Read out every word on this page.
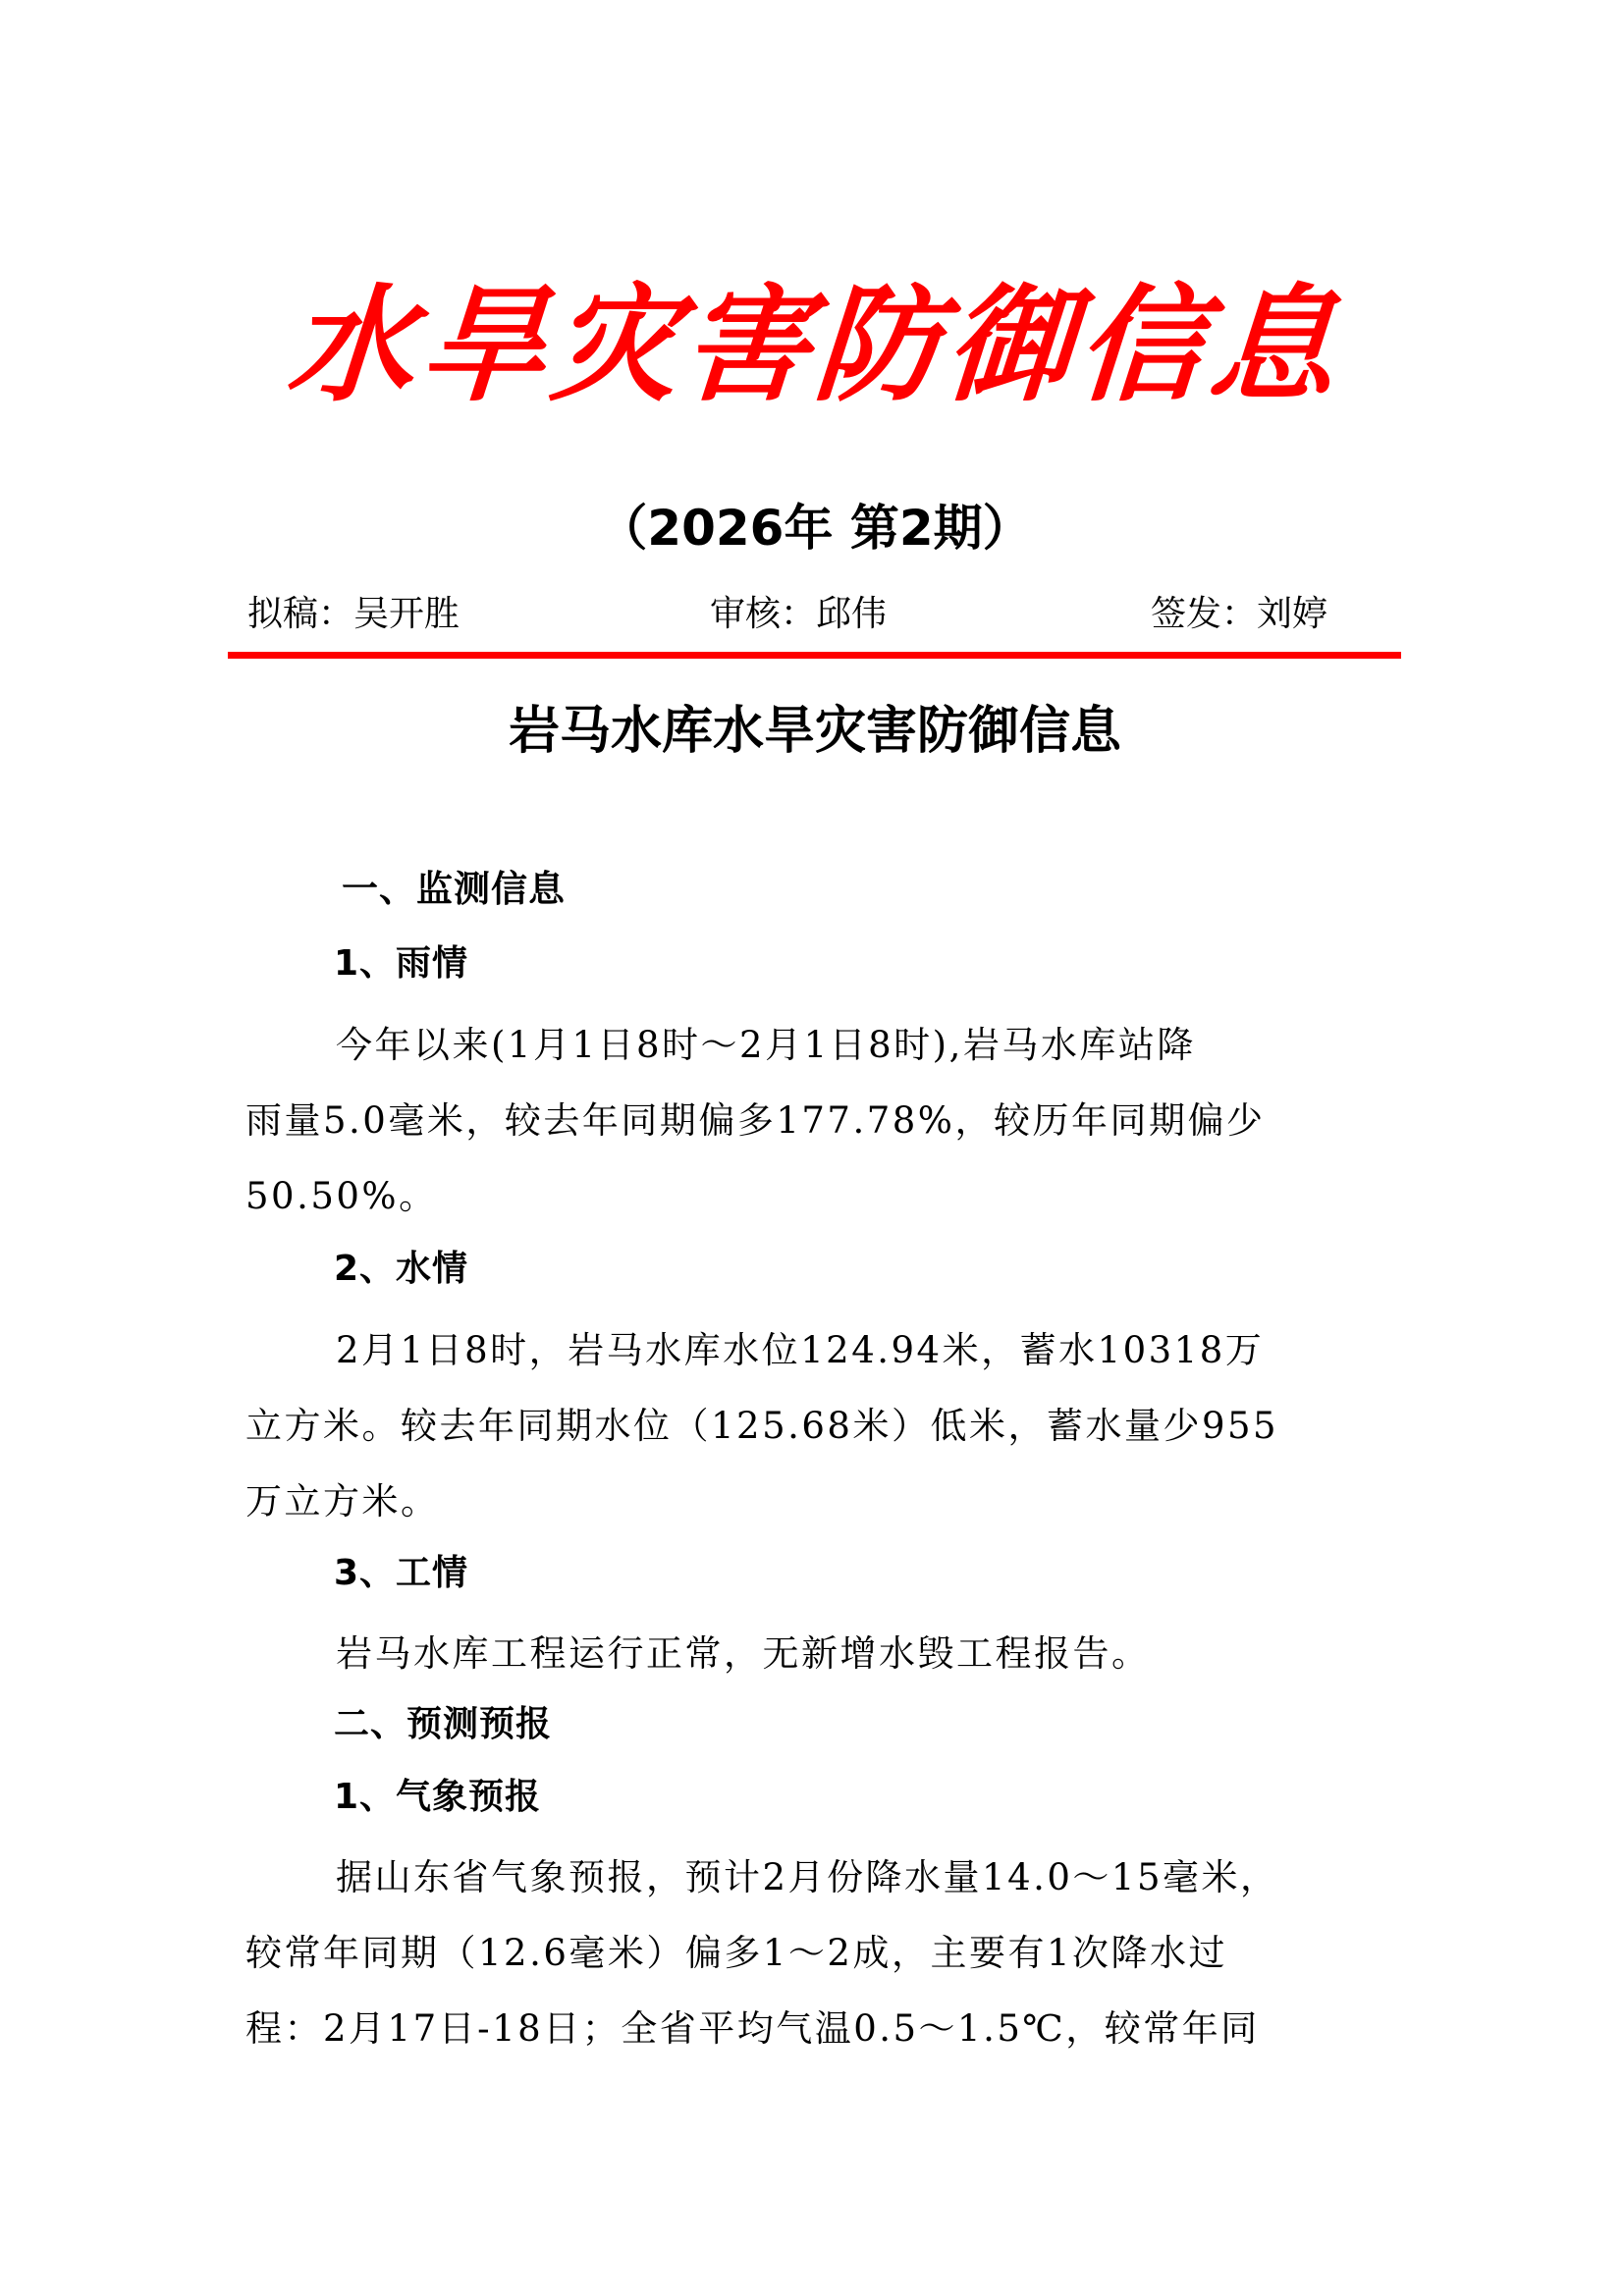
水旱灾害防御信息
（2026年 第2期）
拟稿：吴开胜	审核：邱伟	签发：刘婷
岩马水库水旱灾害防御信息
一、监测信息
1、雨情
今年以来(1月1日8时～2月1日8时),岩马水库站降
雨量5.0毫米，较去年同期偏多177.78%，较历年同期偏少
50.50%。
2、水情
2月1日8时，岩马水库水位124.94米，蓄水10318万
立方米。较去年同期水位（125.68米）低米，蓄水量少955
万立方米。
3、工情
岩马水库工程运行正常，无新增水毁工程报告。
二、预测预报
1、气象预报
据山东省气象预报，预计2月份降水量14.0～15毫米，
较常年同期（12.6毫米）偏多1～2成，主要有1次降水过
程：2月17日-18日；全省平均气温0.5～1.5℃，较常年同
